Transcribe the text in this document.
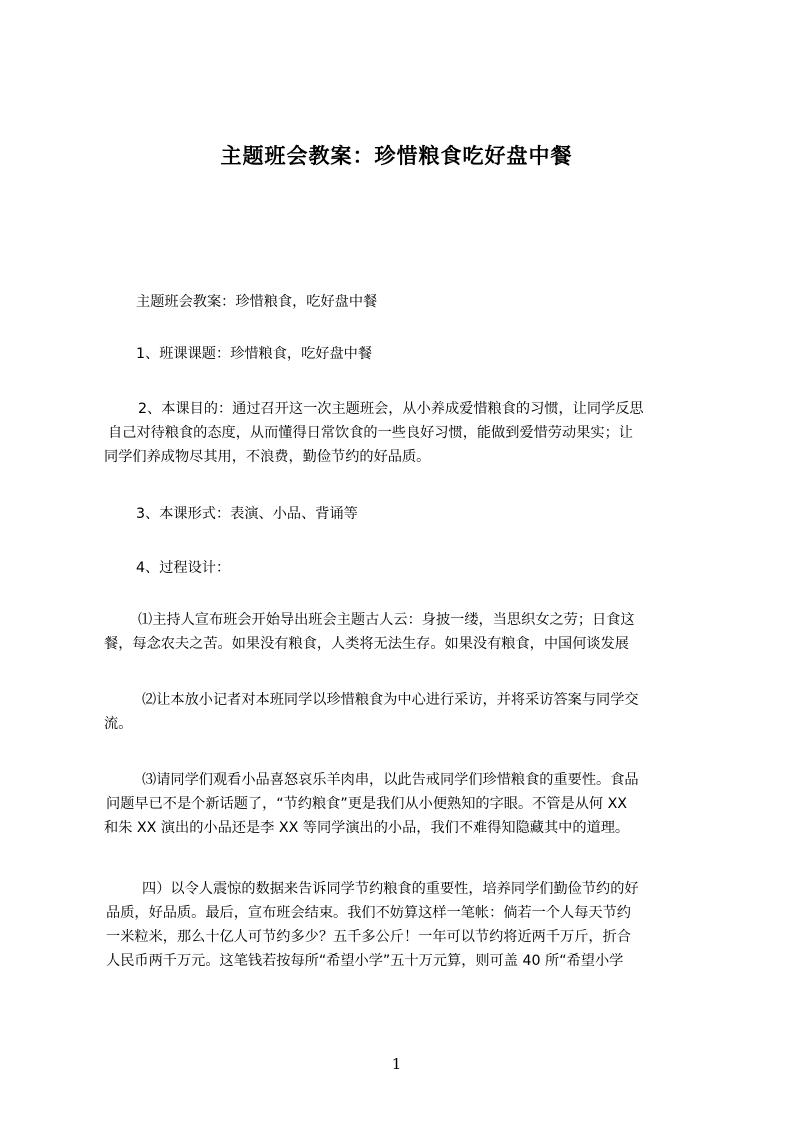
主题班会教案：珍惜粮食吃好盘中餐
主题班会教案：珍惜粮食，吃好盘中餐
1、班课课题：珍惜粮食，吃好盘中餐
2、本课目的：通过召开这一次主题班会，从小养成爱惜粮食的习惯，让同学反思
自己对待粮食的态度，从而懂得日常饮食的一些良好习惯，能做到爱惜劳动果实；让
同学们养成物尽其用，不浪费，勤俭节约的好品质。
3、本课形式：表演、小品、背诵等
4、过程设计：
⑴主持人宣布班会开始导出班会主题古人云：身披一缕，当思织女之劳；日食这
餐，每念农夫之苦。如果没有粮食，人类将无法生存。如果没有粮食，中国何谈发展
⑵让本放小记者对本班同学以珍惜粮食为中心进行采访，并将采访答案与同学交
流。
⑶请同学们观看小品喜怒哀乐羊肉串，以此告戒同学们珍惜粮食的重要性。食品
问题早已不是个新话题了，“节约粮食”更是我们从小便熟知的字眼。不管是从何 XX
和朱 XX 演出的小品还是李 XX 等同学演出的小品，我们不难得知隐藏其中的道理。
四）以令人震惊的数据来告诉同学节约粮食的重要性，培养同学们勤俭节约的好
品质，好品质。最后，宣布班会结束。我们不妨算这样一笔帐：倘若一个人每天节约
一米粒米，那么十亿人可节约多少？五千多公斤！一年可以节约将近两千万斤，折合
人民币两千万元。这笔钱若按每所“希望小学”五十万元算，则可盖 40 所“希望小学
1
